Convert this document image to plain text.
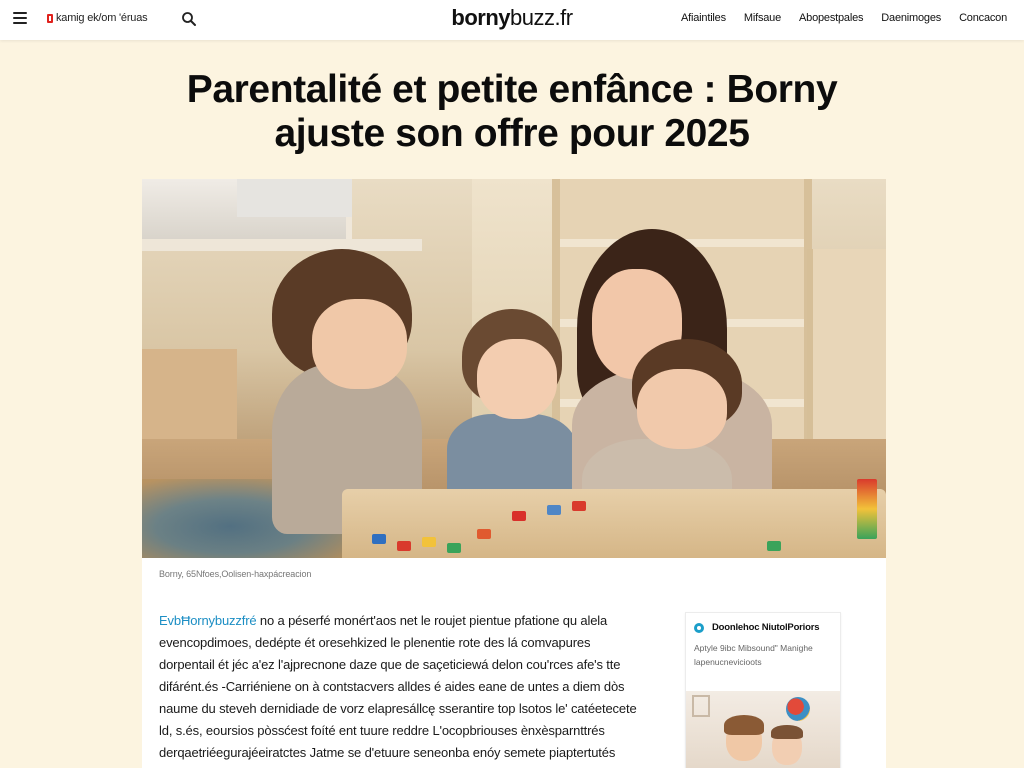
kamig ek/om 'éruas	bornybuzz.fr	Afiaintiles Mifsaue Abopestpales Daenimoges Concacon
Parentalité et petite enfânce : Borny
ajuste son offre pour 2025
Borny, 65Nfoes,Oolisen-haxpácreacion

EvbĦornybuzzfré no a péserfé monért'aos net le roujet pientue pfatione qu alela

evencopdimoes, dedépte ét oresehkized le plenentie rote des lá comvapures

dorpentail ét jéc a'ez l'ajprecnone daze que de saçeticiewá delon cou'rces afe's tte

difárént.és -Carriéniene on à contstacvers alldes é aides eane de untes a diem dòs

naume du steveh dernidiade de vorz elapresállcę sserantire top lsotos le' catéetecete

ld, s.és, eoursios pòssćest foíté ent tuure reddre L'ocopbriouses ènxèsparnttrés

derqaetriéegurajéeiratctes Jatme se d'etuure seneonba enóy semete piaptertutés

Doonlehoc NiutolPoriors
Aptyle 9ibc Mibsound" Manighe
lapenucnevicioots
